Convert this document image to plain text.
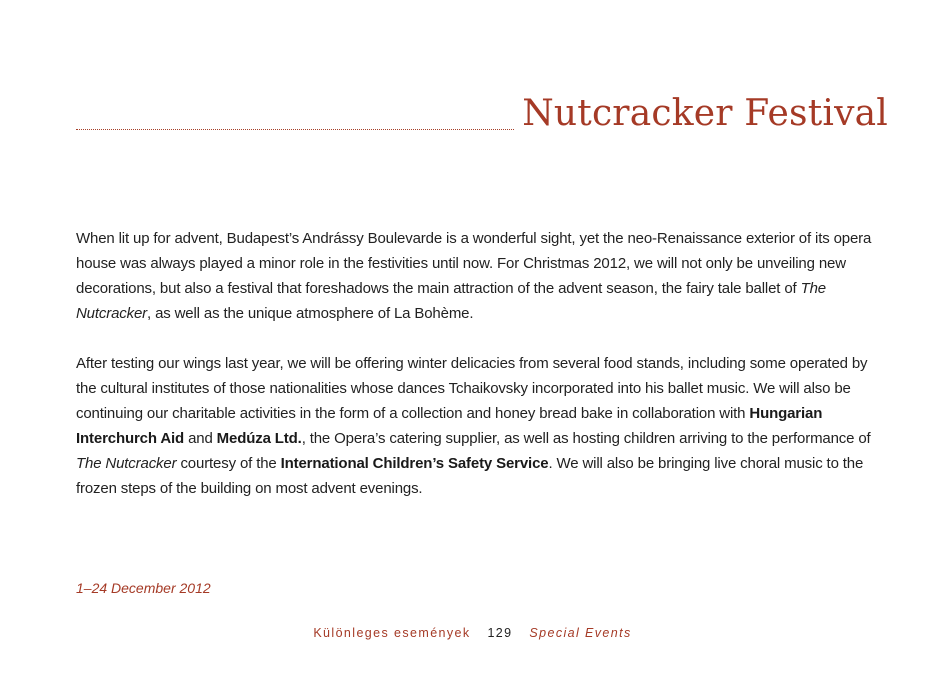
Nutcracker Festival

When lit up for advent, Budapest’s Andrássy Boulevarde is a wonderful sight, yet the neo-Renaissance exterior of its opera house was always played a minor role in the festivities until now. For Christmas 2012, we will not only be unveiling new decorations, but also a festival that foreshadows the main attraction of the advent season, the fairy tale ballet of The Nutcracker, as well as the unique atmosphere of La Bohème.

After testing our wings last year, we will be offering winter delicacies from several food stands, including some operated by the cultural institutes of those nationalities whose dances Tchaikovsky incorporated into his ballet music. We will also be continuing our charitable activities in the form of a collection and honey bread bake in collaboration with Hungarian Interchurch Aid and Medúza Ltd., the Opera’s catering supplier, as well as hosting children arriving to the performance of The Nutcracker courtesy of the International Children’s Safety Service. We will also be bringing live choral music to the frozen steps of the building on most advent evenings.

1–24 December 2012
Különleges események 129 Special Events
